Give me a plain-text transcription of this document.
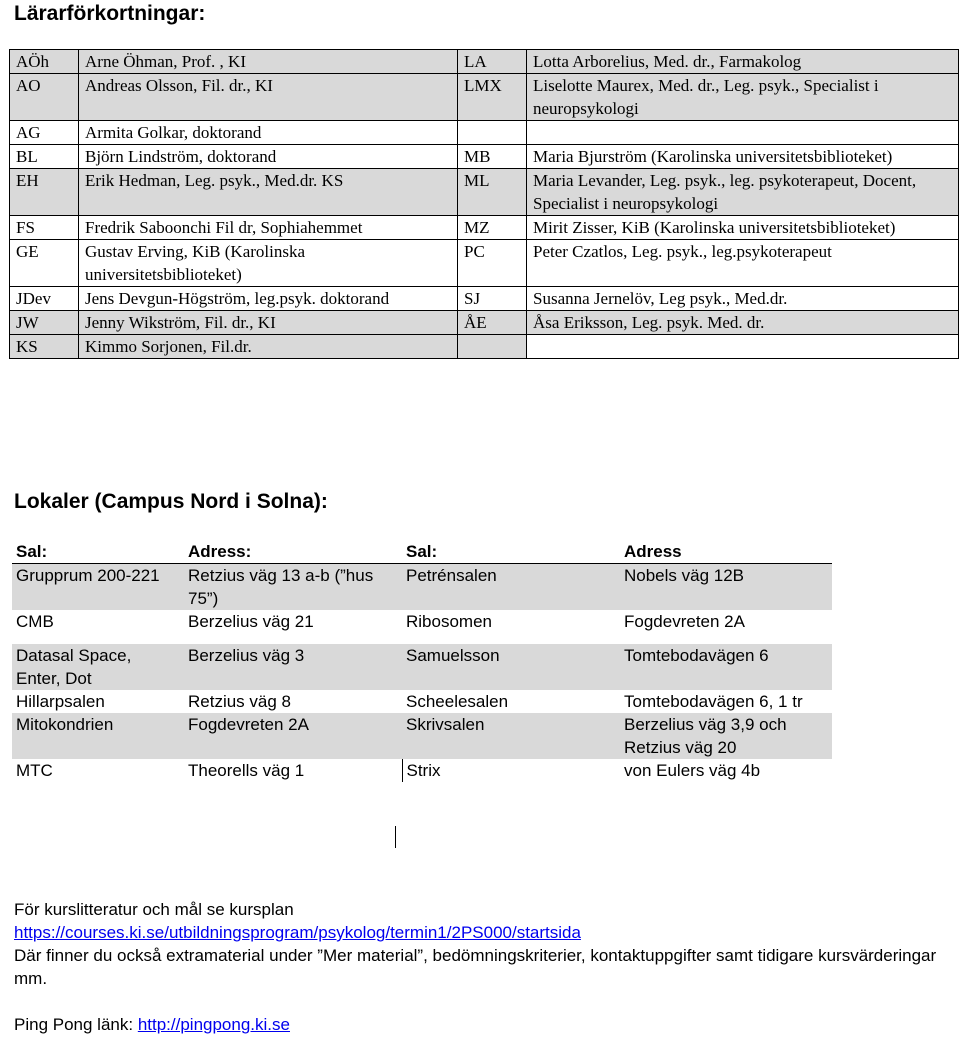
Lärarförkortningar:
AÖh	Arne Öhman, Prof. , KI	LA	Lotta Arborelius, Med. dr., Farmakolog
AO	Andreas Olsson, Fil. dr., KI	LMX	Liselotte Maurex, Med. dr., Leg. psyk., Specialist i neuropsykologi
AG	Armita Golkar, doktorand		
BL	Björn Lindström, doktorand	MB	Maria Bjurström (Karolinska universitetsbiblioteket)
EH	Erik Hedman, Leg. psyk., Med.dr. KS	ML	Maria Levander, Leg. psyk., leg. psykoterapeut, Docent, Specialist i neuropsykologi
FS	Fredrik Saboonchi Fil dr, Sophiahemmet	MZ	Mirit Zisser, KiB (Karolinska universitetsbiblioteket)
GE	Gustav Erving, KiB (Karolinska universitetsbiblioteket)	PC	Peter Czatlos, Leg. psyk., leg.psykoterapeut
JDev	Jens Devgun-Högström, leg.psyk. doktorand	SJ	Susanna Jernelöv, Leg psyk., Med.dr.
JW	Jenny Wikström, Fil. dr., KI	ÅE	Åsa Eriksson, Leg. psyk. Med. dr.
KS	Kimmo Sorjonen, Fil.dr.		
Lokaler (Campus Nord i Solna):
Sal:	Adress:	Sal:	Adress
Grupprum 200-221	Retzius väg 13 a-b (”hus 75”)	Petrénsalen	Nobels väg 12B
CMB	Berzelius väg 21	Ribosomen	Fogdevreten 2A
Datasal Space, Enter, Dot	Berzelius väg 3	Samuelsson	Tomtebodavägen 6
Hillarpsalen	Retzius väg 8	Scheelesalen	Tomtebodavägen 6, 1 tr
Mitokondrien	Fogdevreten 2A	Skrivsalen	Berzelius väg 3,9 och Retzius väg 20
MTC	Theorells väg 1	Strix	von Eulers väg 4b
För kurslitteratur och mål se kursplan
https://courses.ki.se/utbildningsprogram/psykolog/termin1/2PS000/startsida
Där finner du också extramaterial under ”Mer material”, bedömningskriterier, kontaktuppgifter samt tidigare kursvärderingar mm.
Ping Pong länk: http://pingpong.ki.se
